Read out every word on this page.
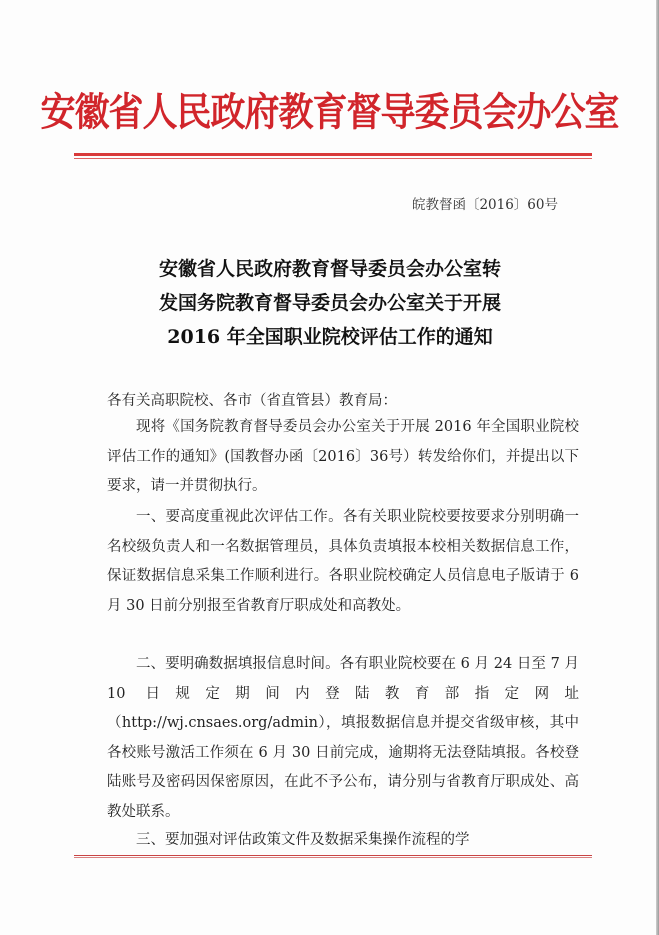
安徽省人民政府教育督导委员会办公室
皖教督函〔2016〕60号
安徽省人民政府教育督导委员会办公室转
发国务院教育督导委员会办公室关于开展
2016 年全国职业院校评估工作的通知
各有关高职院校、各市（省直管县）教育局：

现将《国务院教育督导委员会办公室关于开展 2016 年全国职业院校评估工作的通知》(国教督办函〔2016〕36号）转发给你们，并提出以下要求，请一并贯彻执行。

一、要高度重视此次评估工作。各有关职业院校要按要求分别明确一名校级负责人和一名数据管理员，具体负责填报本校相关数据信息工作，保证数据信息采集工作顺利进行。各职业院校确定人员信息电子版请于 6 月 30 日前分别报至省教育厅职成处和高教处。

二、要明确数据填报信息时间。各有职业院校要在 6 月 24 日至 7 月 10 日规定期间内登陆教育部指定网址（http://wj.cnsaes.org/admin），填报数据信息并提交省级审核，其中各校账号激活工作须在 6 月 30 日前完成，逾期将无法登陆填报。各校登陆账号及密码因保密原因，在此不予公布，请分别与省教育厅职成处、高教处联系。

三、要加强对评估政策文件及数据采集操作流程的学
